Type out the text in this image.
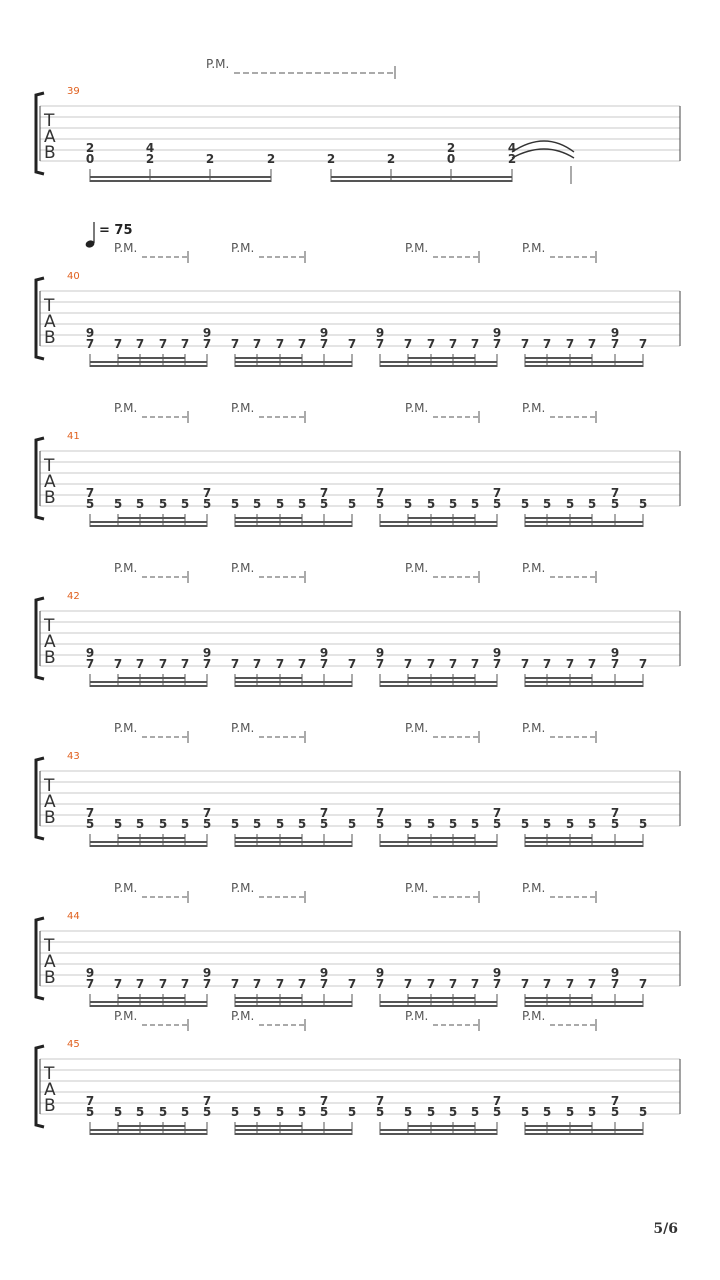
39
T
A
B	2
0
4
2	2	2	2	2
2
0
4
2
P.M.
40
T
A
B	9
7 7 7 7 7
9
7 7 7 7 7
9
7 7
9
7 7 7 7 7
9
7 7 7 7 7
9
7 7
P.M.	P.M.	P.M.	P.M.
41
T
A
B	7
5 5 5 5 5
7
5 5 5 5 5
7
5 5
7
5 5 5 5 5
7
5 5 5 5 5
7
5 5
P.M.	P.M.	P.M.	P.M.
42
T
A
B	9
7 7 7 7 7
9
7 7 7 7 7
9
7 7
9
7 7 7 7 7
9
7 7 7 7 7
9
7 7
P.M.	P.M.	P.M.	P.M.
43
T
A
B	7
5 5 5 5 5
7
5 5 5 5 5
7
5 5
7
5 5 5 5 5
7
5 5 5 5 5
7
5 5
P.M.	P.M.	P.M.	P.M.
44
T
A
B	9
7 7 7 7 7
9
7 7 7 7 7
9
7 7
9
7 7 7 7 7
9
7 7 7 7 7
9
7 7
P.M.	P.M.	P.M.	P.M.
45
T
A
B	7
5 5 5 5 5
7
5 5 5 5 5
7
5 5
7
5 5 5 5 5
7
5 5 5 5 5
7
5 5
P.M.	P.M.	P.M.	P.M.
= 75
5/6
